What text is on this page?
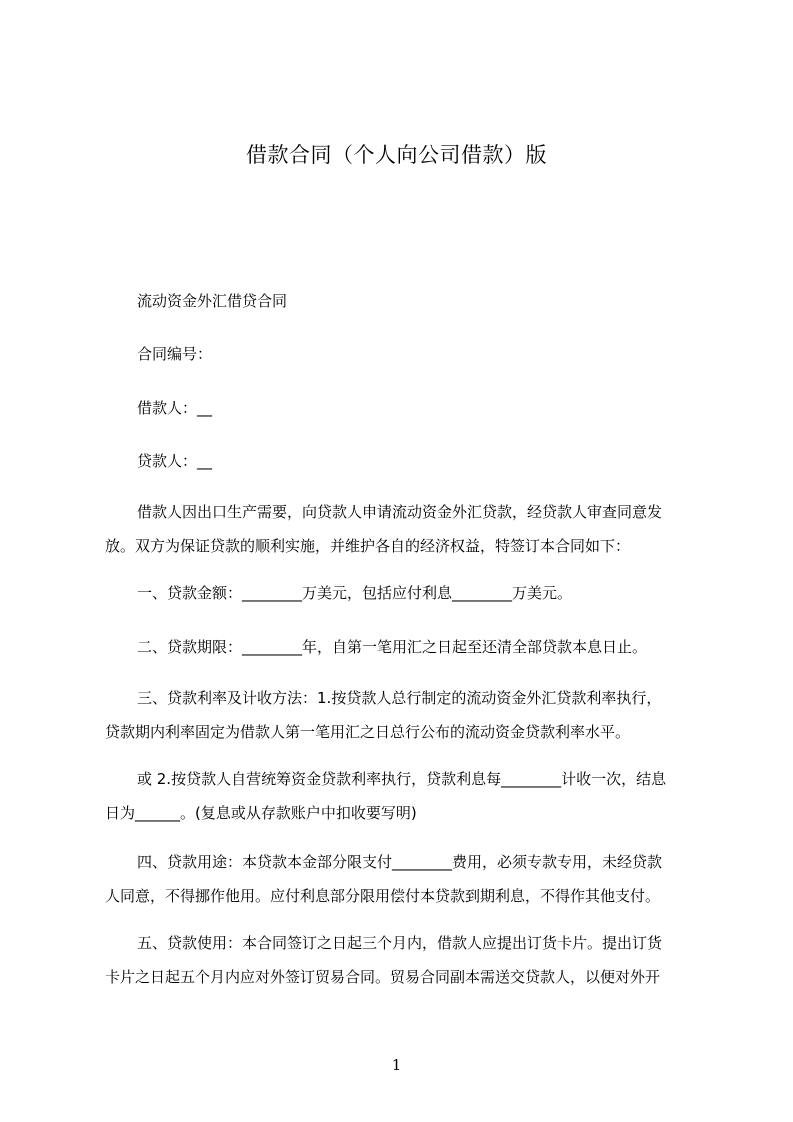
借款合同（个人向公司借款）版
流动资金外汇借贷合同
合同编号：
借款人：__
贷款人：__
借款人因出口生产需要，向贷款人申请流动资金外汇贷款，经贷款人审查同意发
放。双方为保证贷款的顺利实施，并维护各自的经济权益，特签订本合同如下：
一、贷款金额：________万美元，包括应付利息________万美元。
二、贷款期限：________年，自第一笔用汇之日起至还清全部贷款本息日止。
三、贷款利率及计收方法：1.按贷款人总行制定的流动资金外汇贷款利率执行，
贷款期内利率固定为借款人第一笔用汇之日总行公布的流动资金贷款利率水平。
或 2.按贷款人自营统筹资金贷款利率执行，贷款利息每________计收一次，结息
日为______。(复息或从存款账户中扣收要写明)
四、贷款用途：本贷款本金部分限支付________费用，必须专款专用，未经贷款
人同意，不得挪作他用。应付利息部分限用偿付本贷款到期利息，不得作其他支付。
五、贷款使用：本合同签订之日起三个月内，借款人应提出订货卡片。提出订货
卡片之日起五个月内应对外签订贸易合同。贸易合同副本需送交贷款人，以便对外开
1
